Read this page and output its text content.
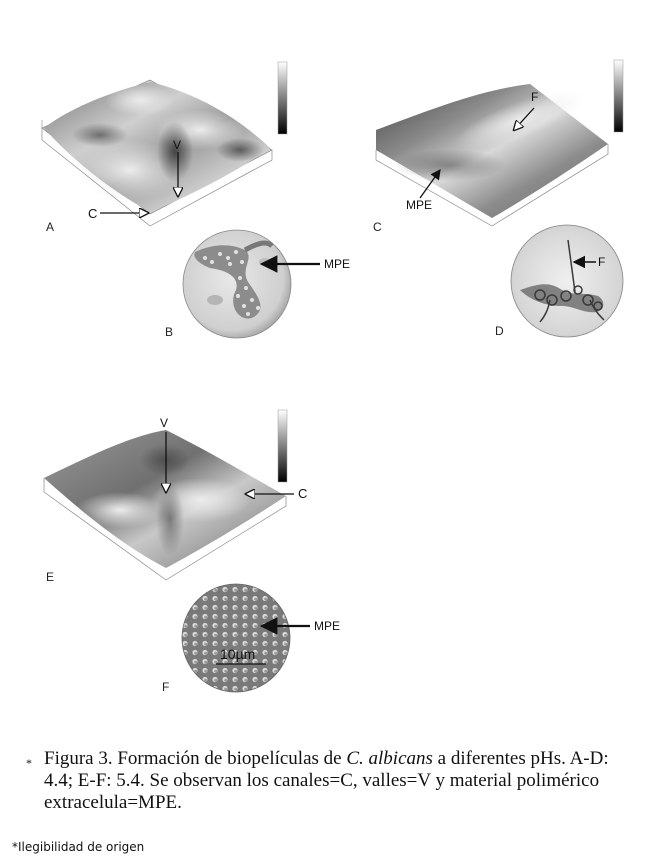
A
C
V
B
MPE
C
F
MPE
D
F
E
V
C
F
MPE
10µm
* Figura 3. Formación de biopelículas de C. albicans a diferentes pHs. A-D: 4.4; E-F: 5.4. Se observan los canales=C, valles=V y material polimérico extracelula=MPE.
*Ilegibilidad de origen
